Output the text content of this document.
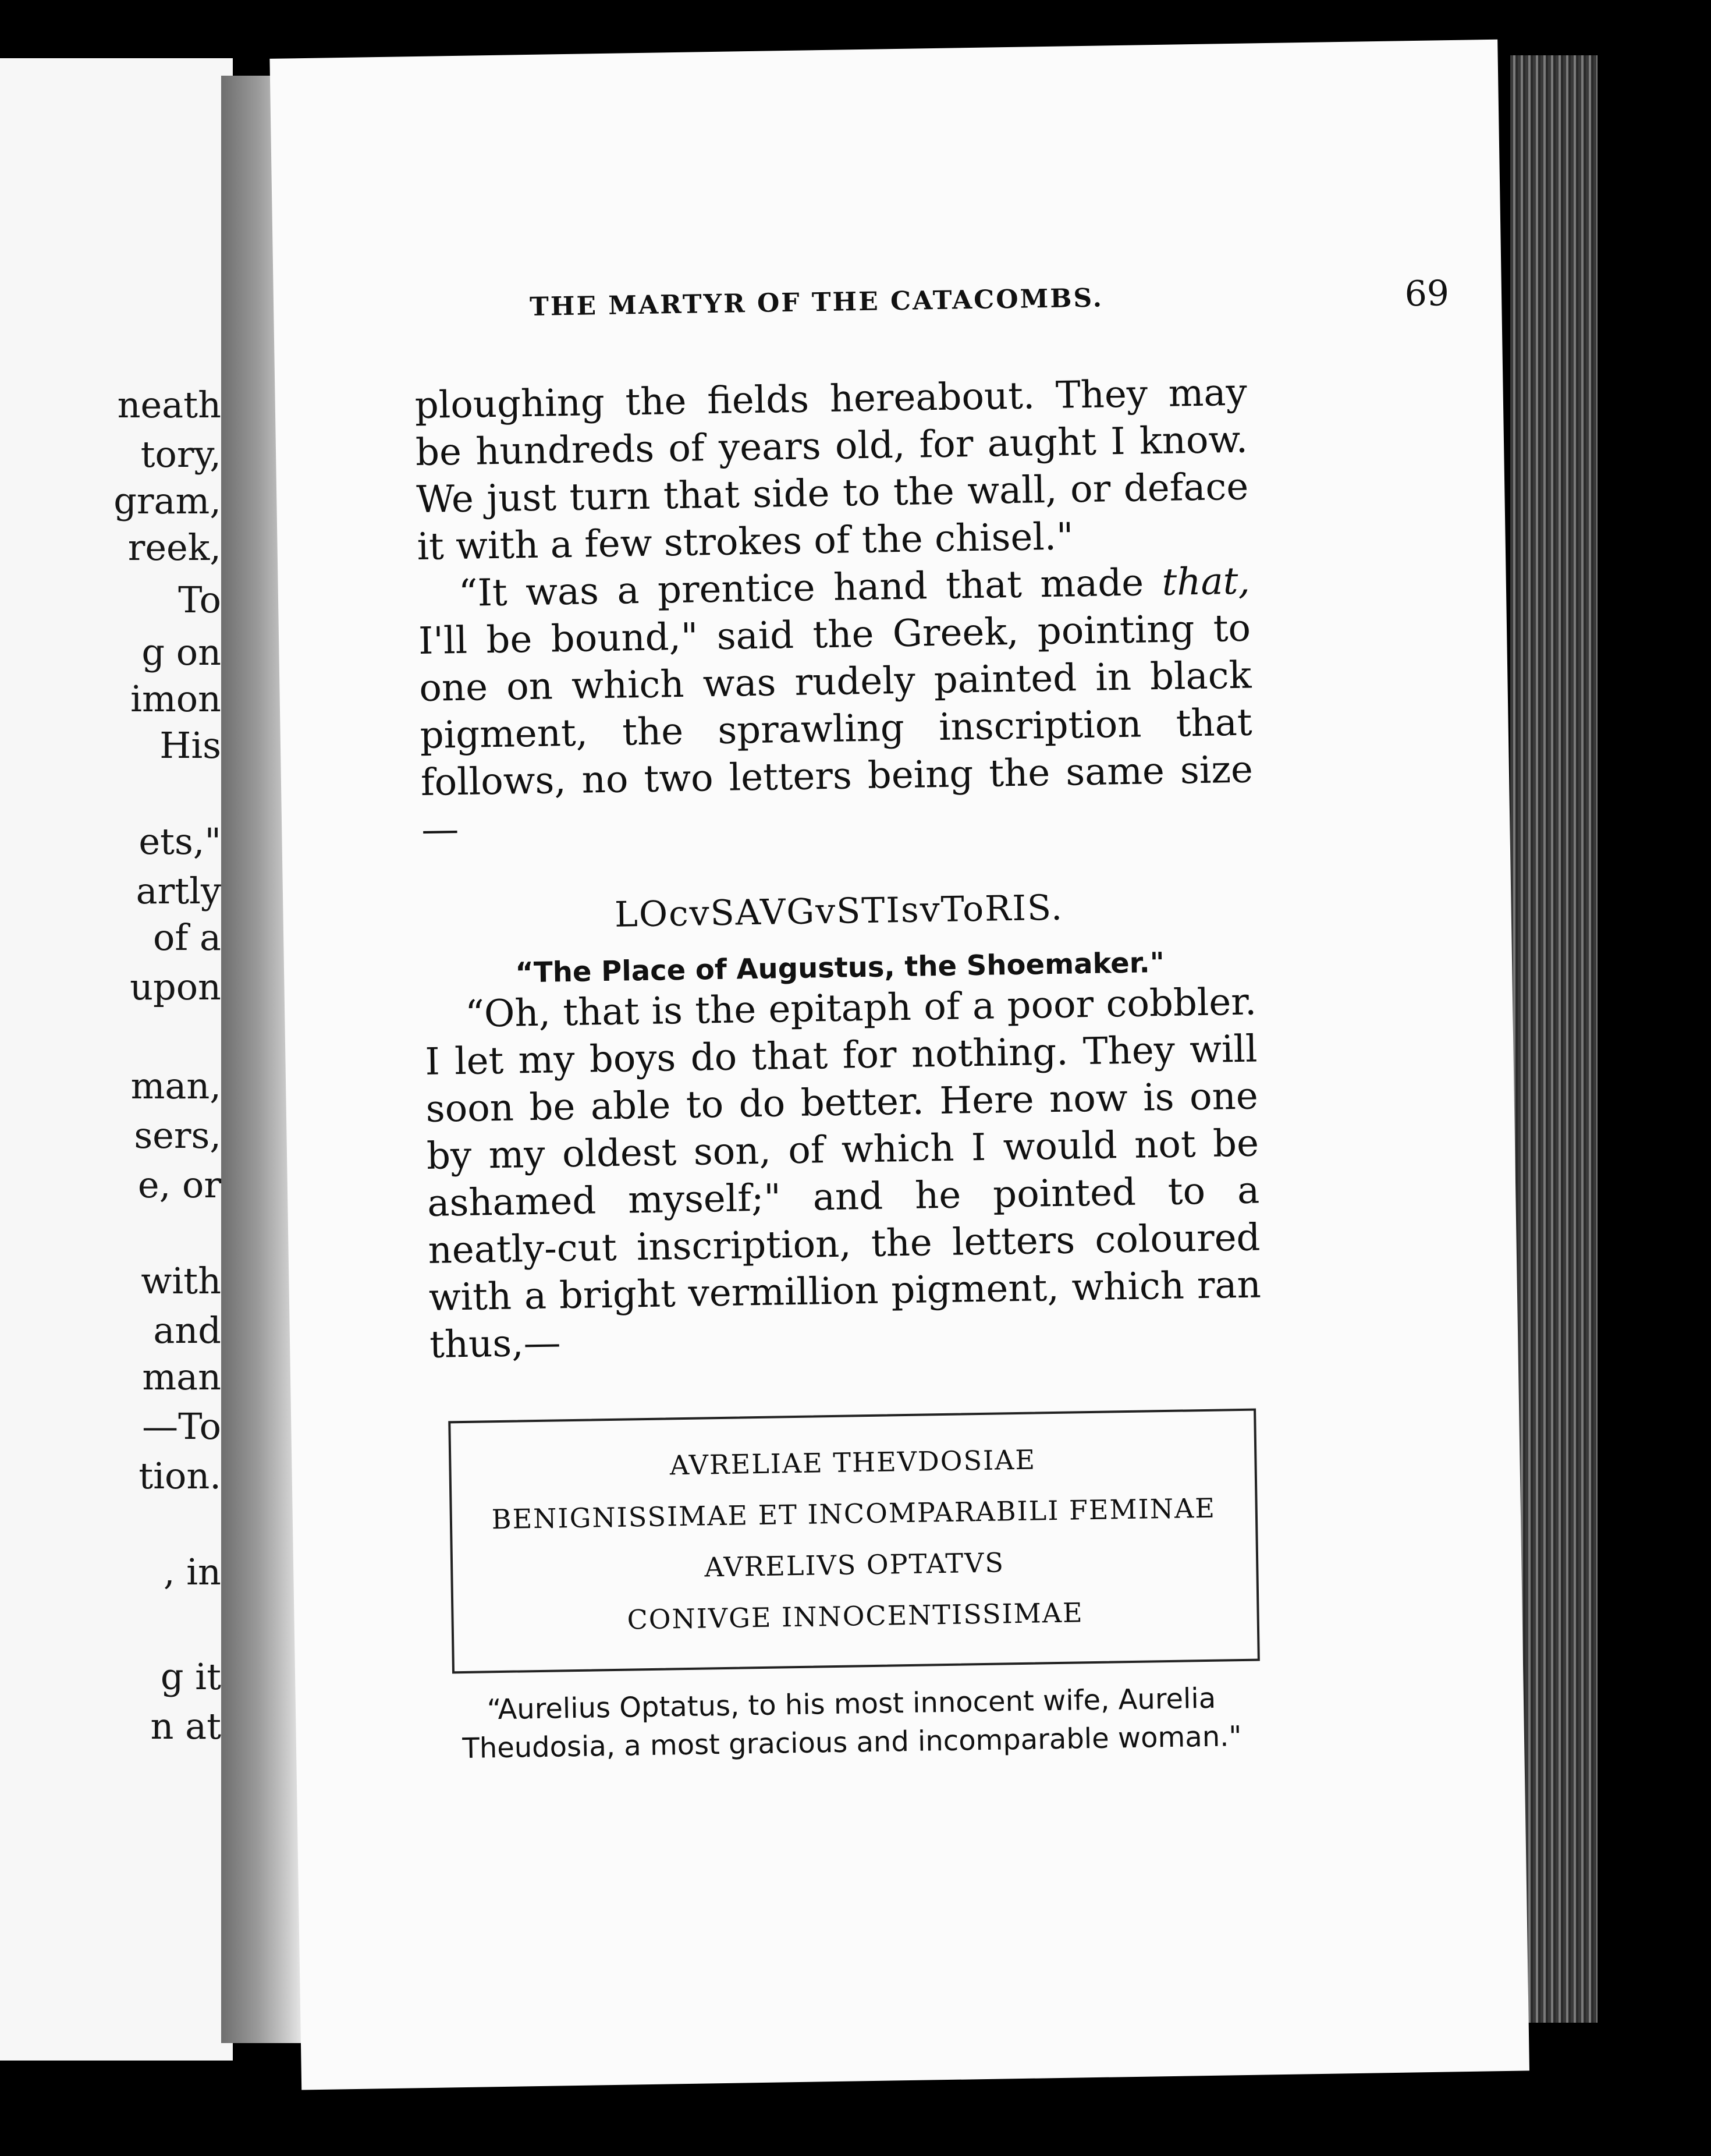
neath
tory,
gram,
reek,
To
g on
imon
His
ets,"
artly
of a
upon
man,
sers,
e, or
with
and
man
—To
tion.
, in
g it
n at
THE MARTYR OF THE CATACOMBS.	69

ploughing the fields hereabout. They may be hundreds of years old, for aught I know. We just turn that side to the wall, or deface it with a few strokes of the chisel."

“It was a prentice hand that made that, I'll be bound," said the Greek, pointing to one on which was rudely painted in black pigment, the sprawling inscription that follows, no two letters being the same size—

LOcvSAVGvSTIsvToRIS.
“The Place of Augustus, the Shoemaker."

“Oh, that is the epitaph of a poor cobbler. I let my boys do that for nothing. They will soon be able to do better. Here now is one by my oldest son, of which I would not be ashamed myself;" and he pointed to a neatly-cut inscription, the letters coloured with a bright vermillion pigment, which ran thus,—

AVRELIAE THEVDOSIAE
BENIGNISSIMAE ET INCOMPARABILI FEMINAE
AVRELIVS OPTATVS
CONIVGE INNOCENTISSIMAE
“Aurelius Optatus, to his most innocent wife, Aurelia Theudosia, a most gracious and incomparable woman."
